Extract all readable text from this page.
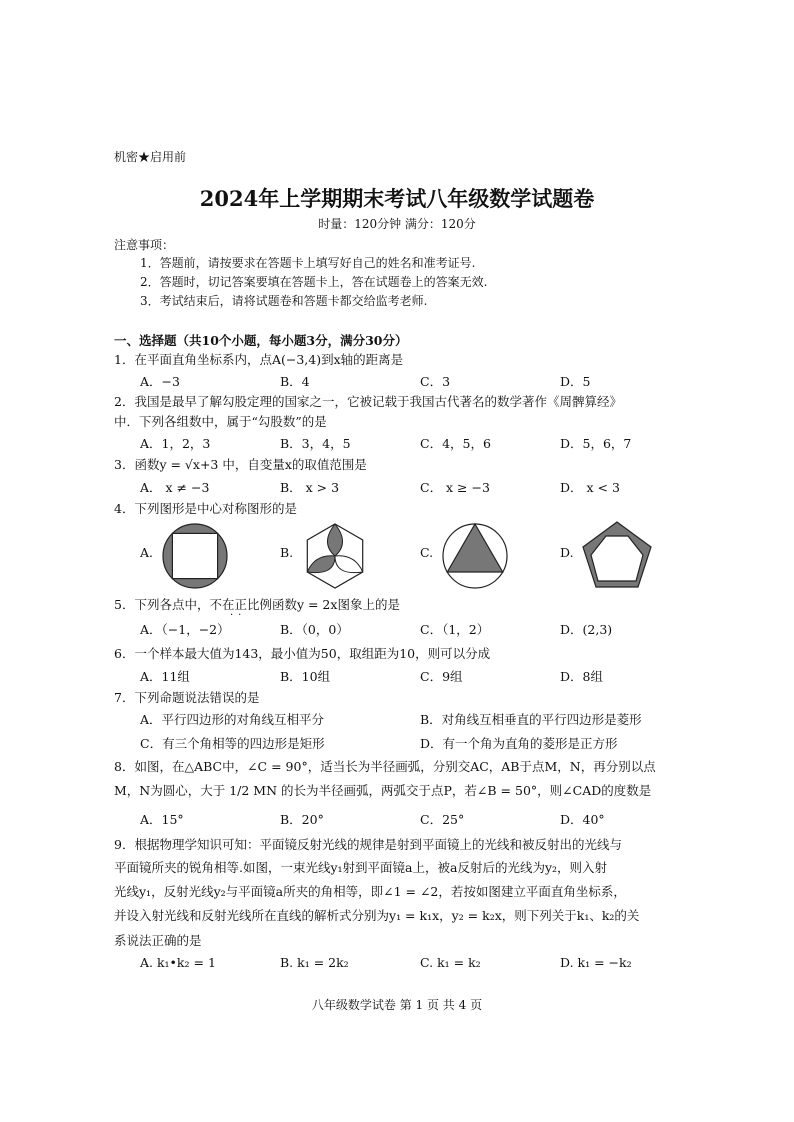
机密★启用前
2024年上学期期末考试八年级数学试题卷
时量：120分钟 满分：120分
注意事项：
1．答题前，请按要求在答题卡上填写好自己的姓名和准考证号.
2．答题时，切记答案要填在答题卡上，答在试题卷上的答案无效.
3．考试结束后，请将试题卷和答题卡都交给监考老师.
一、选择题（共10个小题，每小题3分，满分30分）
1．在平面直角坐标系内，点A(−3,4)到x轴的距离是
A．−3	B．4	C．3	D．5
2．我国是最早了解勾股定理的国家之一，它被记载于我国古代著名的数学著作《周髀算经》
中．下列各组数中，属于“勾股数”的是
A．1，2，3	B．3，4，5	C．4，5，6	D．5，6，7
3．函数y = √x+3 中，自变量x的取值范围是
A． x ≠ −3	B． x > 3	C． x ≥ −3	D． x < 3
4．下列图形是中心对称图形的是
A.	B.	C.	D.
5．下列各点中，不在正比例函数y = 2x图象上的是
··
A．（−1，−2）	B．（0，0）	C．（1，2）	D．(2,3)
6．一个样本最大值为143，最小值为50，取组距为10，则可以分成
A．11组	B．10组	C．9组	D．8组
7．下列命题说法错误的是
A．平行四边形的对角线互相平分	B．对角线互相垂直的平行四边形是菱形
C．有三个角相等的四边形是矩形	D．有一个角为直角的菱形是正方形
8．如图，在△ABC中，∠C = 90°，适当长为半径画弧，分别交AC，AB于点M，N，再分别以点
M，N为圆心，大于 1/2 MN 的长为半径画弧，两弧交于点P，若∠B = 50°，则∠CAD的度数是
A．15°	B．20°	C．25°	D．40°
9．根据物理学知识可知：平面镜反射光线的规律是射到平面镜上的光线和被反射出的光线与
平面镜所夹的锐角相等.如图，一束光线y₁射到平面镜a上，被a反射后的光线为y₂，则入射
光线y₁，反射光线y₂与平面镜a所夹的角相等，即∠1 = ∠2，若按如图建立平面直角坐标系，
并设入射光线和反射光线所在直线的解析式分别为y₁ = k₁x，y₂ = k₂x，则下列关于k₁、k₂的关
系说法正确的是
A. k₁•k₂ = 1	B. k₁ = 2k₂	C. k₁ = k₂	D. k₁ = −k₂
八年级数学试卷 第 1 页 共 4 页
